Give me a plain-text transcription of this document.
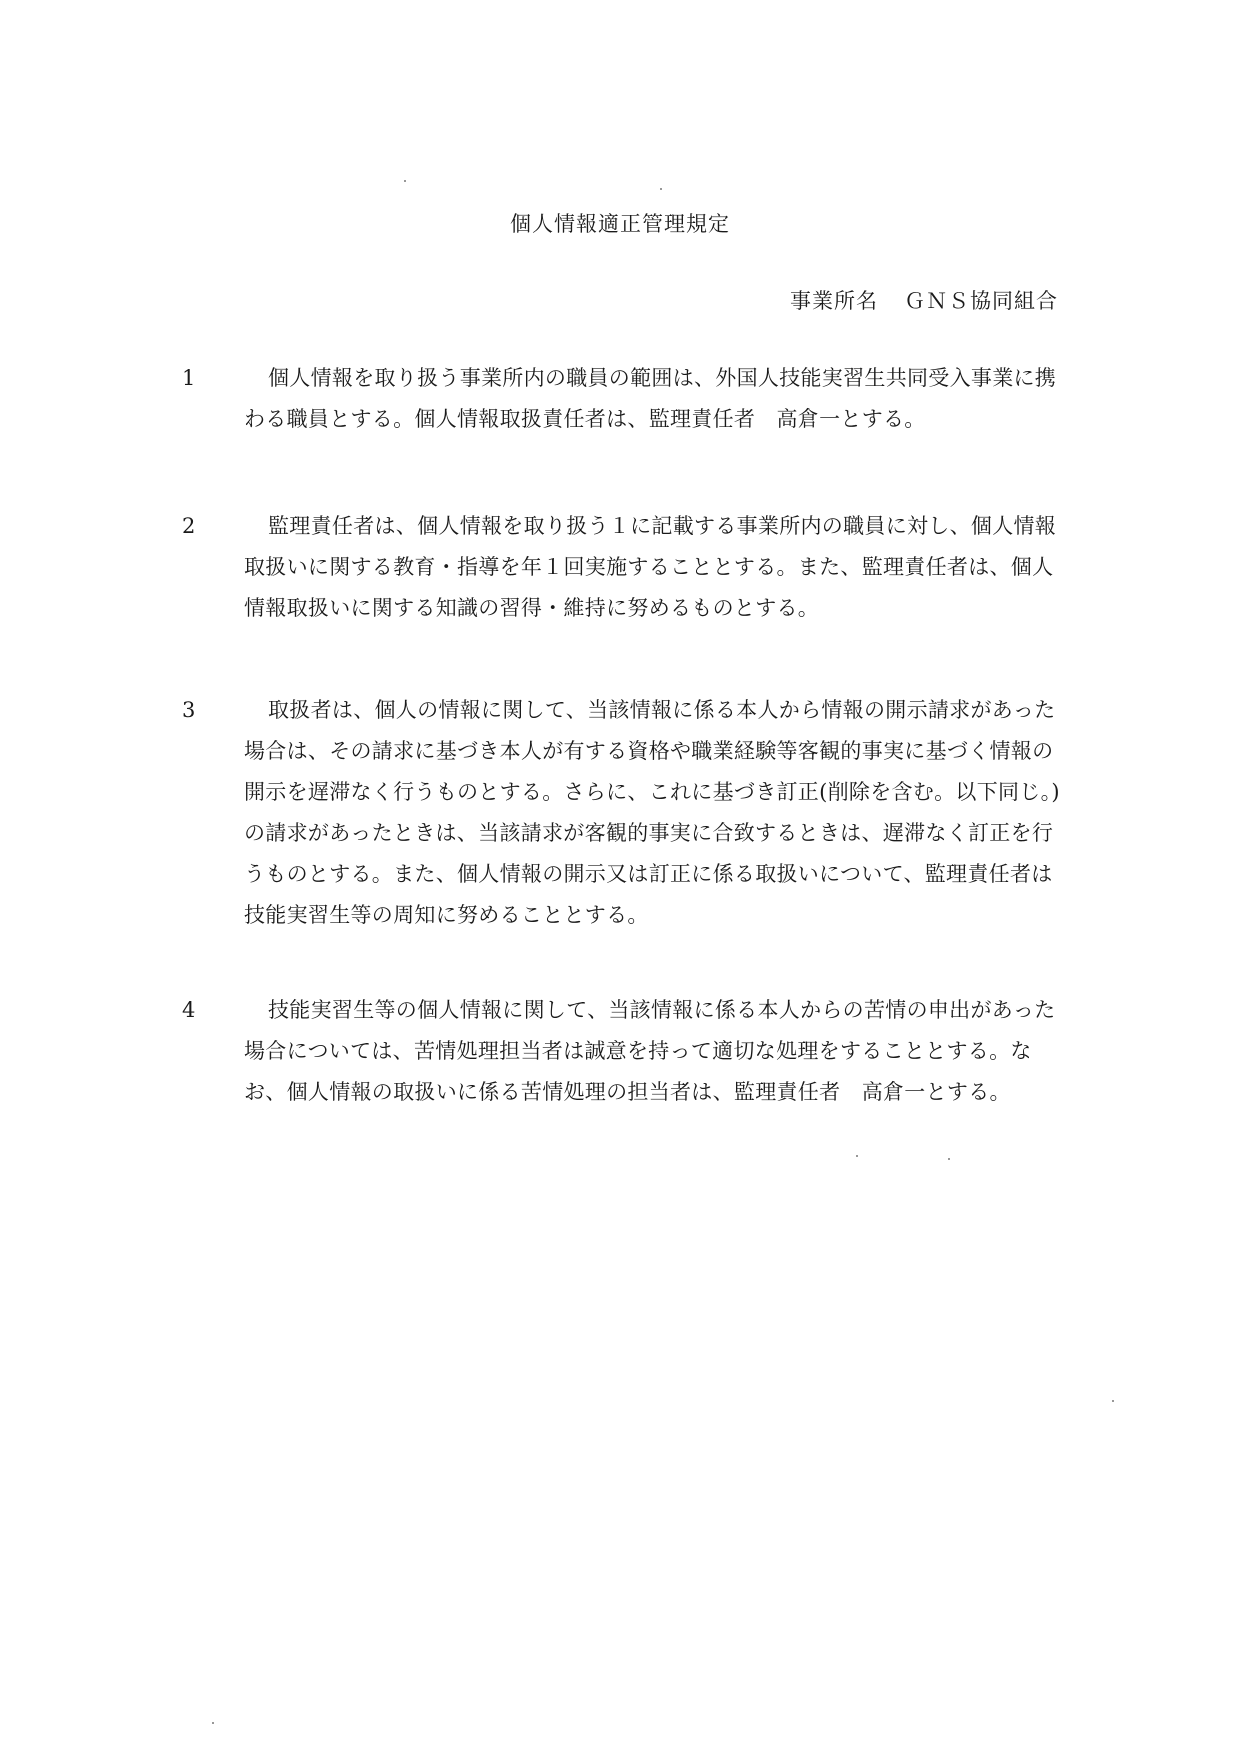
個人情報適正管理規定
事業所名 ＧＮＳ協同組合
1	個人情報を取り扱う事業所内の職員の範囲は、外国人技能実習生共同受入事業に携
わる職員とする。個人情報取扱責任者は、監理責任者　高倉一とする。
2	監理責任者は、個人情報を取り扱う１に記載する事業所内の職員に対し、個人情報
取扱いに関する教育・指導を年１回実施することとする。また、監理責任者は、個人
情報取扱いに関する知識の習得・維持に努めるものとする。
3	取扱者は、個人の情報に関して、当該情報に係る本人から情報の開示請求があった
場合は、その請求に基づき本人が有する資格や職業経験等客観的事実に基づく情報の
開示を遅滞なく行うものとする。さらに、これに基づき訂正(削除を含む。以下同じ。)
の請求があったときは、当該請求が客観的事実に合致するときは、遅滞なく訂正を行
うものとする。また、個人情報の開示又は訂正に係る取扱いについて、監理責任者は
技能実習生等の周知に努めることとする。
4	技能実習生等の個人情報に関して、当該情報に係る本人からの苦情の申出があった
場合については、苦情処理担当者は誠意を持って適切な処理をすることとする。な
お、個人情報の取扱いに係る苦情処理の担当者は、監理責任者　高倉一とする。
